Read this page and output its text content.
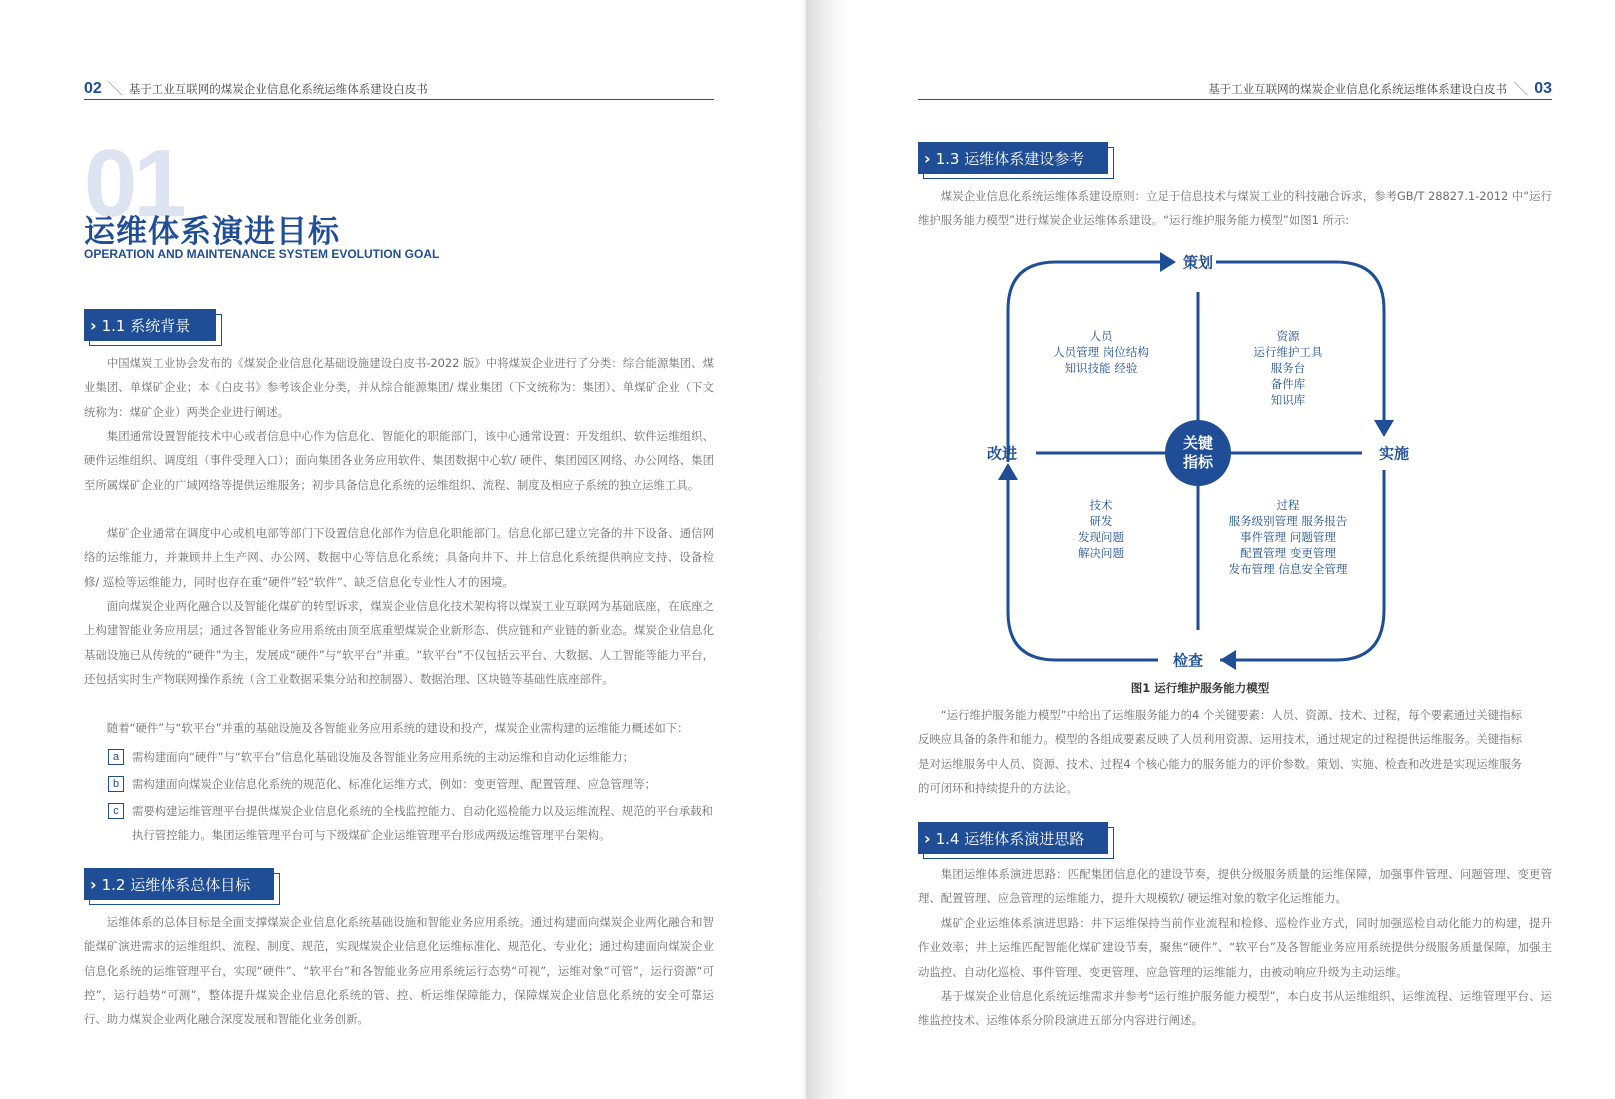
02 ＼ 基于工业互联网的煤炭企业信息化系统运维体系建设白皮书
01
运维体系演进目标
OPERATION AND MAINTENANCE SYSTEM EVOLUTION GOAL
› 1.1 系统背景
中国煤炭工业协会发布的《煤炭企业信息化基础设施建设白皮书-2022 版》中将煤炭企业进行了分类：综合能源集团、煤业集团、单煤矿企业；本《白皮书》参考该企业分类，并从综合能源集团/ 煤业集团（下文统称为：集团）、单煤矿企业（下文统称为：煤矿企业）两类企业进行阐述。
集团通常设置智能技术中心或者信息中心作为信息化、智能化的职能部门，该中心通常设置：开发组织、软件运维组织、硬件运维组织、调度组（事件受理入口）；面向集团各业务应用软件、集团数据中心软/ 硬件、集团园区网络、办公网络、集团至所属煤矿企业的广域网络等提供运维服务；初步具备信息化系统的运维组织、流程、制度及相应子系统的独立运维工具。
煤矿企业通常在调度中心或机电部等部门下设置信息化部作为信息化职能部门。信息化部已建立完备的井下设备、通信网络的运维能力，并兼顾井上生产网、办公网、数据中心等信息化系统；具备向井下、井上信息化系统提供响应支持、设备检修/ 巡检等运维能力，同时也存在重“硬件”轻“软件”、缺乏信息化专业性人才的困境。
面向煤炭企业两化融合以及智能化煤矿的转型诉求，煤炭企业信息化技术架构将以煤炭工业互联网为基础底座，在底座之上构建智能业务应用层；通过各智能业务应用系统由顶至底重塑煤炭企业新形态、供应链和产业链的新业态。煤炭企业信息化基础设施已从传统的“硬件”为主，发展成“硬件”与“软平台”并重。“软平台”不仅包括云平台、大数据、人工智能等能力平台，还包括实时生产物联网操作系统（含工业数据采集分站和控制器）、数据治理、区块链等基础性底座部件。
随着“硬件”与“软平台”并重的基础设施及各智能业务应用系统的建设和投产，煤炭企业需构建的运维能力概述如下：
a	需构建面向“硬件”与“软平台”信息化基础设施及各智能业务应用系统的主动运维和自动化运维能力；
b	需构建面向煤炭企业信息化系统的规范化、标准化运维方式，例如：变更管理、配置管理、应急管理等；
c	需要构建运维管理平台提供煤炭企业信息化系统的全栈监控能力、自动化巡检能力以及运维流程、规范的平台承载和执行管控能力。集团运维管理平台可与下级煤矿企业运维管理平台形成两级运维管理平台架构。
› 1.2 运维体系总体目标
运维体系的总体目标是全面支撑煤炭企业信息化系统基础设施和智能业务应用系统。通过构建面向煤炭企业两化融合和智能煤矿演进需求的运维组织、流程、制度、规范，实现煤炭企业信息化运维标准化、规范化、专业化；通过构建面向煤炭企业信息化系统的运维管理平台，实现“硬件”、“软平台”和各智能业务应用系统运行态势“可视”，运维对象“可管”，运行资源“可控”，运行趋势“可测”，整体提升煤炭企业信息化系统的管、控、析运维保障能力，保障煤炭企业信息化系统的安全可靠运行、助力煤炭企业两化融合深度发展和智能化业务创新。
基于工业互联网的煤炭企业信息化系统运维体系建设白皮书 ＼ 03
› 1.3 运维体系建设参考
煤炭企业信息化系统运维体系建设原则：立足于信息技术与煤炭工业的科技融合诉求，参考GB/T 28827.1-2012 中“运行维护服务能力模型”进行煤炭企业运维体系建设。“运行维护服务能力模型”如图1 所示:
策划
实施
检查
改进
关键
指标
人员
人员管理 岗位结构
知识技能 经验
资源
运行维护工具
服务台
备件库
知识库
技术
研发
发现问题
解决问题
过程
服务级别管理 服务报告
事件管理 问题管理
配置管理 变更管理
发布管理 信息安全管理
图1 运行维护服务能力模型
“运行维护服务能力模型”中给出了运维服务能力的4 个关键要素：人员、资源、技术、过程，每个要素通过关键指标反映应具备的条件和能力。模型的各组成要素反映了人员利用资源、运用技术，通过规定的过程提供运维服务。关键指标是对运维服务中人员、资源、技术、过程4 个核心能力的服务能力的评价参数。策划、实施、检查和改进是实现运维服务的可闭环和持续提升的方法论。
› 1.4 运维体系演进思路
集团运维体系演进思路：匹配集团信息化的建设节奏，提供分级服务质量的运维保障，加强事件管理、问题管理、变更管理、配置管理、应急管理的运维能力，提升大规模软/ 硬运维对象的数字化运维能力。
煤矿企业运维体系演进思路：井下运维保持当前作业流程和检修、巡检作业方式，同时加强巡检自动化能力的构建，提升作业效率；井上运维匹配智能化煤矿建设节奏，聚焦“硬件”、“软平台”及各智能业务应用系统提供分级服务质量保障，加强主动监控、自动化巡检、事件管理、变更管理、应急管理的运维能力，由被动响应升级为主动运维。
基于煤炭企业信息化系统运维需求并参考“运行维护服务能力模型”，本白皮书从运维组织、运维流程、运维管理平台、运维监控技术、运维体系分阶段演进五部分内容进行阐述。
